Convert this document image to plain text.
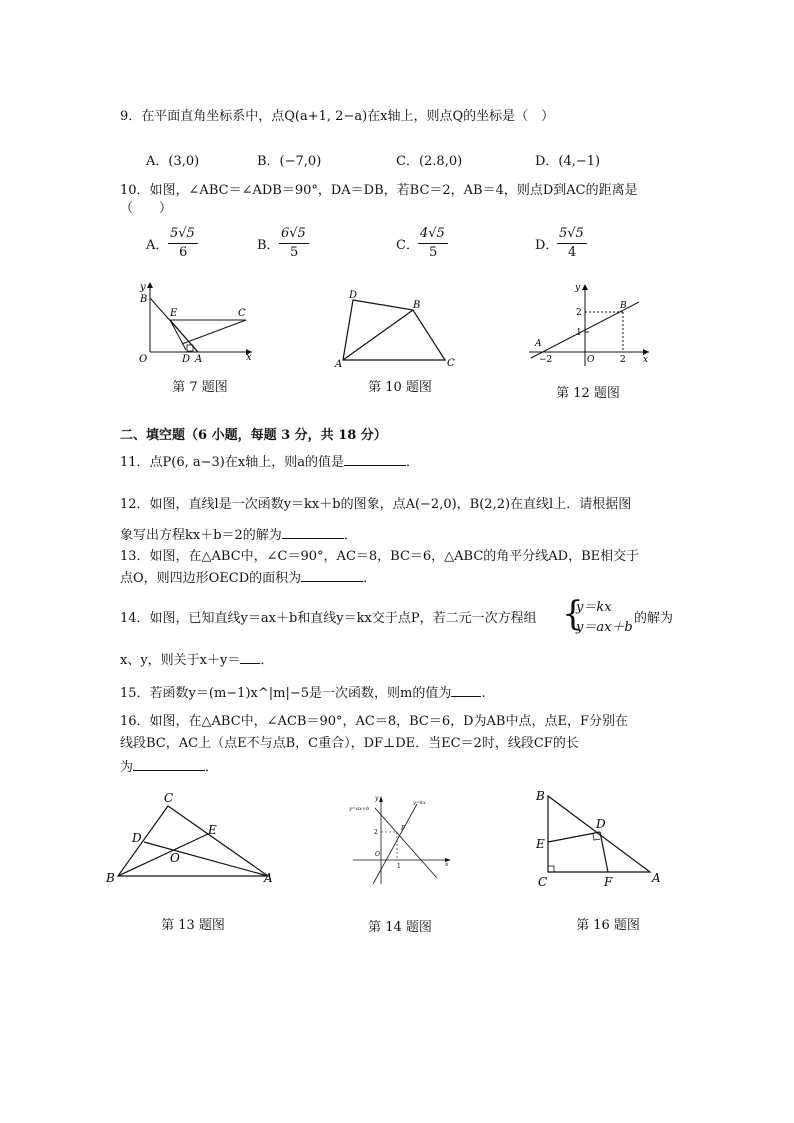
9．在平面直角坐标系中，点Q(a+1, 2−a)在x轴上，则点Q的坐标是（　）
A．(3,0)	B．(−7,0)	C．(2.8,0)	D．(4,−1)
10．如图，∠ABC＝∠ADB＝90°，DA＝DB，若BC＝2，AB＝4，则点D到AC的距离是
（　　）
A．
5√5
6	B．
6√5
5	C．
4√5
5	D．
5√5
4
y
B
E	C
O	D A	x
第 7 题图
D
B
A	C
第 10 题图
y
B
2
1
A
−2	O	2 x
第 12 题图
二、填空题（6 小题，每题 3 分，共 18 分）
11．点P(6, a−3)在x轴上，则a的值是	．
12．如图，直线l是一次函数y＝kx＋b的图象，点A(−2,0)，B(2,2)在直线l上．请根据图
象写出方程kx＋b＝2的解为	．
13．如图，在△ABC中，∠C＝90°，AC＝8，BC＝6，△ABC的角平分线AD，BE相交于
点O，则四边形OECD的面积为	．
14．如图，已知直线y＝ax＋b和直线y＝kx交于点P，若二元一次方程组 {
y＝kx
y＝ax＋b
的解为
x、y，则关于x＋y＝ ．
15．若函数y＝(m−1)x^|m|−5是一次函数，则m的值为 .
16．如图，在△ABC中，∠ACB＝90°，AC＝8，BC＝6，D为AB中点，点E，F分别在
线段BC，AC上（点E不与点B，C重合），DF⊥DE．当EC＝2时，线段CF的长
为	．
C
D
E
O
B	A
第 13 题图
y
y=ax+b
y=kx
2
P
O
1	x
第 14 题图
B
D
E
C	F	A
第 16 题图
